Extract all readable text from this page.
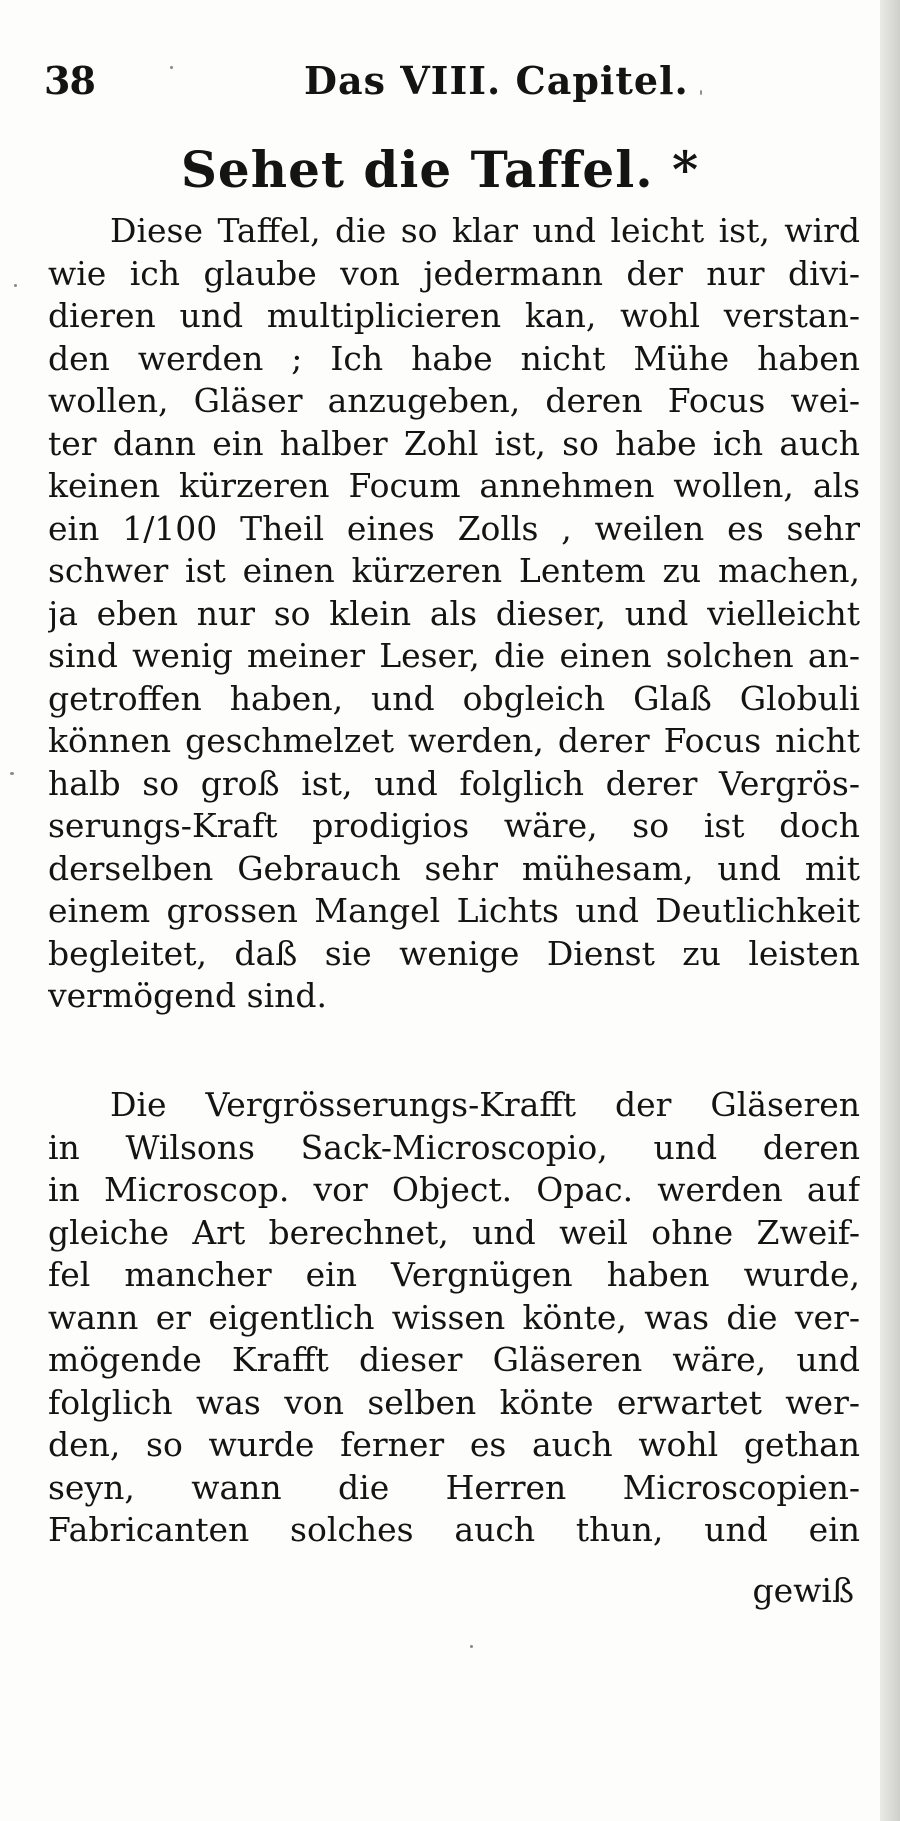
38	Das VIII. Capitel.
Sehet die Taffel. *
Diese Taffel, die so klar und leicht ist, wird
wie ich glaube von jedermann der nur divi-
dieren und multiplicieren kan, wohl verstan-
den werden ; Ich habe nicht Mühe haben
wollen, Gläser anzugeben, deren Focus wei-
ter dann ein halber Zohl ist, so habe ich auch
keinen kürzeren Focum annehmen wollen, als
ein 1/100 Theil eines Zolls , weilen es sehr
schwer ist einen kürzeren Lentem zu machen,
ja eben nur so klein als dieser, und vielleicht
sind wenig meiner Leser, die einen solchen an-
getroffen haben, und obgleich Glaß Globuli
können geschmelzet werden, derer Focus nicht
halb so groß ist, und folglich derer Vergrös-
serungs-Kraft prodigios wäre, so ist doch
derselben Gebrauch sehr mühesam, und mit
einem grossen Mangel Lichts und Deutlichkeit
begleitet, daß sie wenige Dienst zu leisten
vermögend sind.
Die Vergrösserungs-Krafft der Gläseren
in Wilsons Sack-Microscopio, und deren
in Microscop. vor Object. Opac. werden auf
gleiche Art berechnet, und weil ohne Zweif-
fel mancher ein Vergnügen haben wurde,
wann er eigentlich wissen könte, was die ver-
mögende Krafft dieser Gläseren wäre, und
folglich was von selben könte erwartet wer-
den, so wurde ferner es auch wohl gethan
seyn, wann die Herren Microscopien-
Fabricanten solches auch thun, und ein
gewiß
